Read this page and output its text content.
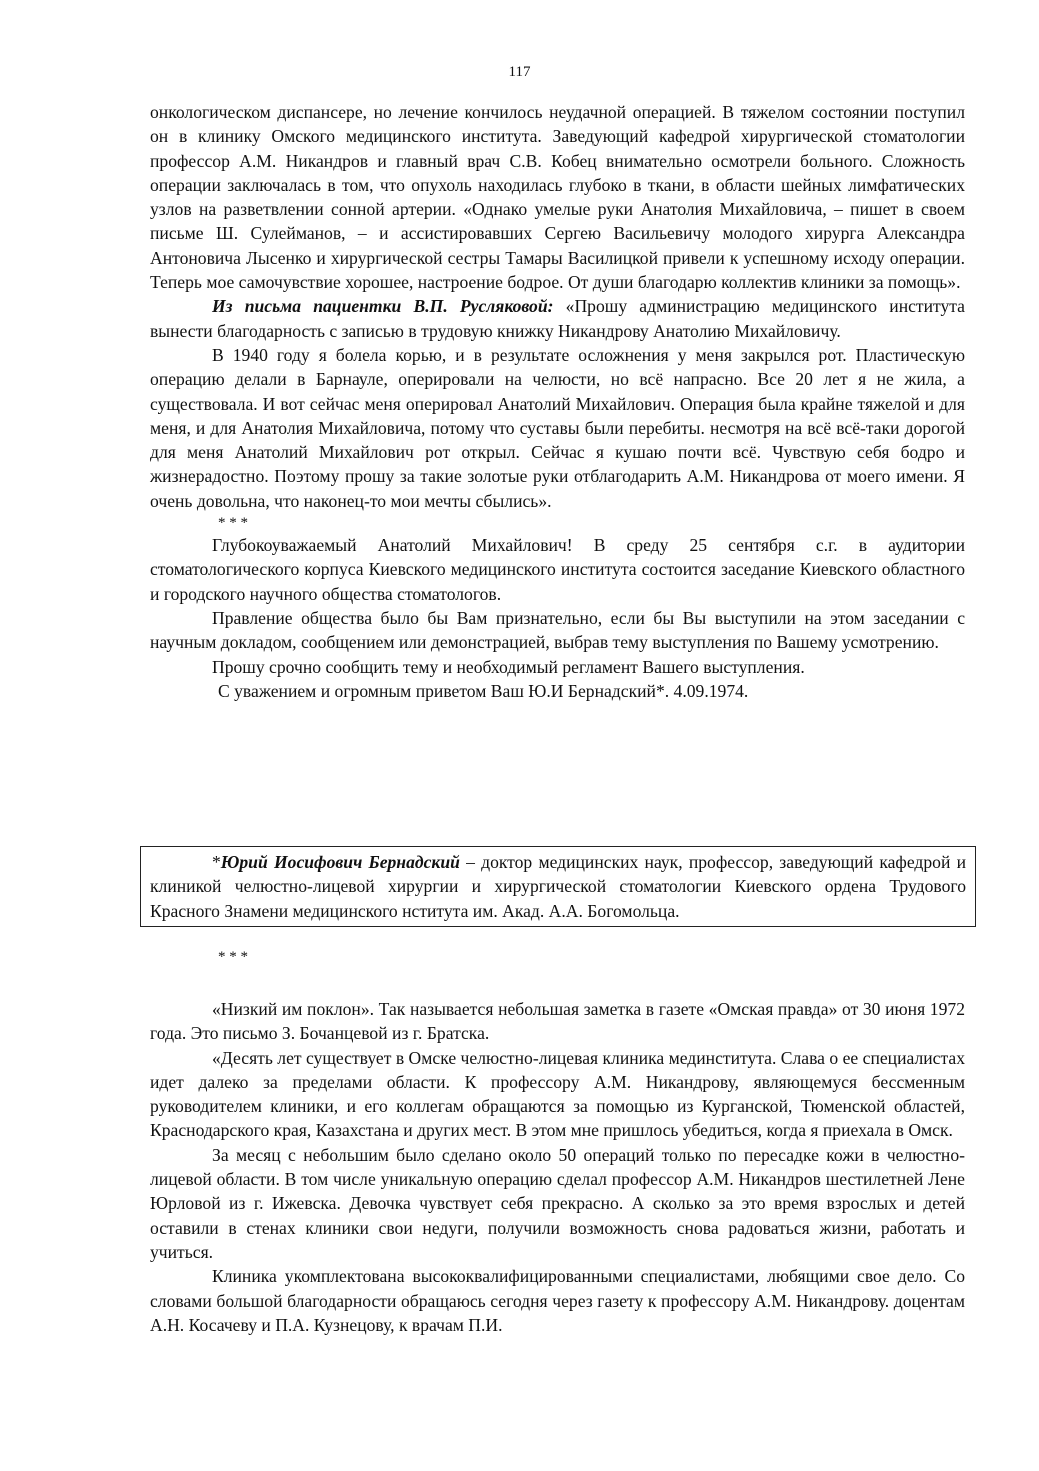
117

онкологическом диспансере, но лечение кончилось неудачной операцией. В тяжелом состоянии поступил он в клинику Омского медицинского института. Заведующий кафедрой хирургической стоматологии профессор А.М. Никандров и главный врач С.В. Кобец внимательно осмотрели больного. Сложность операции заключалась в том, что опухоль находилась глубоко в ткани, в области шейных лимфатических узлов на разветвлении сонной артерии. «Однако умелые руки Анатолия Михайловича, – пишет в своем письме Ш. Сулейманов, – и ассистировавших Сергею Васильевичу молодого хирурга Александра Антоновича Лысенко и хирургической сестры Тамары Василицкой привели к успешному исходу операции. Теперь мое самочувствие хорошее, настроение бодрое. От души благодарю коллектив клиники за помощь».

Из письма пациентки В.П. Русляковой: «Прошу администрацию медицинского института вынести благодарность с записью в трудовую книжку Никандрову Анатолию Михайловичу.

В 1940 году я болела корью, и в результате осложнения у меня закрылся рот. Пластическую операцию делали в Барнауле, оперировали на челюсти, но всё напрасно. Все 20 лет я не жила, а существовала. И вот сейчас меня оперировал Анатолий Михайлович. Операция была крайне тяжелой и для меня, и для Анатолия Михайловича, потому что суставы были перебиты. несмотря на всё всё-таки дорогой для меня Анатолий Михайлович рот открыл. Сейчас я кушаю почти всё. Чувствую себя бодро и жизнерадостно. Поэтому прошу за такие золотые руки отблагодарить А.М. Никандрова от моего имени. Я очень довольна, что наконец-то мои мечты сбылись».

* * *

Глубокоуважаемый Анатолий Михайлович! В среду 25 сентября с.г. в аудитории стоматологического корпуса Киевского медицинского института состоится заседание Киевского областного и городского научного общества стоматологов.

Правление общества было бы Вам признательно, если бы Вы выступили на этом заседании с научным докладом, сообщением или демонстрацией, выбрав тему выступления по Вашему усмотрению.

Прошу срочно сообщить тему и необходимый регламент Вашего выступления.

С уважением и огромным приветом Ваш Ю.И Бернадский*. 4.09.1974.

*Юрий Иосифович Бернадский – доктор медицинских наук, профессор, заведующий кафедрой и клиникой челюстно-лицевой хирургии и хирургической стоматологии Киевского ордена Трудового Красного Знамени медицинского нститута им. Акад. А.А. Богомольца.

* * *

«Низкий им поклон». Так называется небольшая заметка в газете «Омская правда» от 30 июня 1972 года. Это письмо З. Бочанцевой из г. Братска.

«Десять лет существует в Омске челюстно-лицевая клиника мединститута. Слава о ее специалистах идет далеко за пределами области. К профессору А.М. Никандрову, являющемуся бессменным руководителем клиники, и его коллегам обращаются за помощью из Курганской, Тюменской областей, Краснодарского края, Казахстана и других мест. В этом мне пришлось убедиться, когда я приехала в Омск.

За месяц с небольшим было сделано около 50 операций только по пересадке кожи в челюстно-лицевой области. В том числе уникальную операцию сделал профессор А.М. Никандров шестилетней Лене Юрловой из г. Ижевска. Девочка чувствует себя прекрасно. А сколько за это время взрослых и детей оставили в стенах клиники свои недуги, получили возможность снова радоваться жизни, работать и учиться.

Клиника укомплектована высококвалифицированными специалистами, любящими свое дело. Со словами большой благодарности обращаюсь сегодня через газету к профессору А.М. Никандрову. доцентам А.Н. Косачеву и П.А. Кузнецову, к врачам П.И.
